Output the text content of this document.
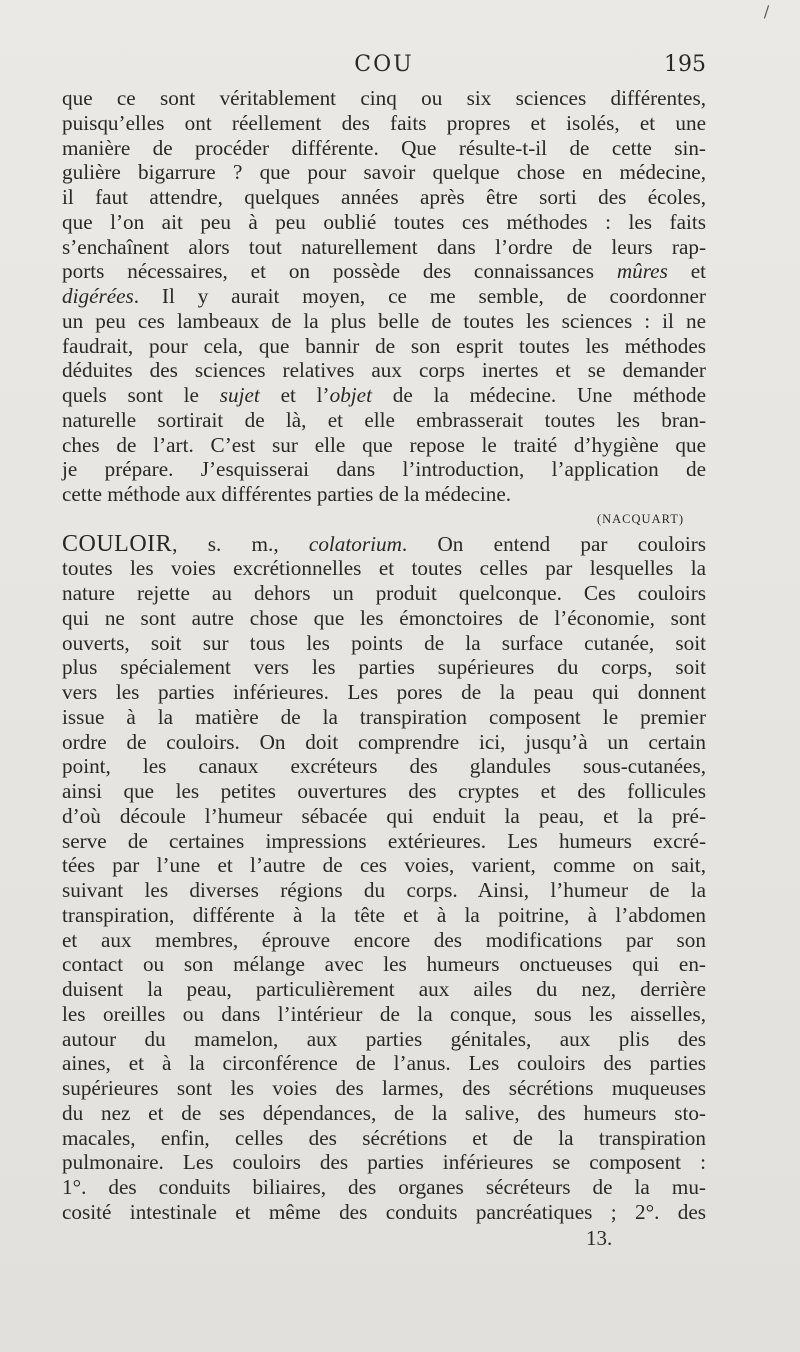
\
COU	195
que ce sont véritablement cinq ou six sciences différentes,
puisqu’elles ont réellement des faits propres et isolés, et une
manière de procéder différente. Que résulte-t-il de cette sin-
gulière bigarrure ? que pour savoir quelque chose en médecine,
il faut attendre, quelques années après être sorti des écoles,
que l’on ait peu à peu oublié toutes ces méthodes : les faits
s’enchaînent alors tout naturellement dans l’ordre de leurs rap-
ports nécessaires, et on possède des connaissances mûres et
digérées. Il y aurait moyen, ce me semble, de coordonner
un peu ces lambeaux de la plus belle de toutes les sciences : il ne
faudrait, pour cela, que bannir de son esprit toutes les méthodes
déduites des sciences relatives aux corps inertes et se demander
quels sont le sujet et l’objet de la médecine. Une méthode
naturelle sortirait de là, et elle embrasserait toutes les bran-
ches de l’art. C’est sur elle que repose le traité d’hygiène que
je prépare. J’esquisserai dans l’introduction, l’application de
cette méthode aux différentes parties de la médecine.
(NACQUART)
COULOIR, s. m., colatorium. On entend par couloirs
toutes les voies excrétionnelles et toutes celles par lesquelles la
nature rejette au dehors un produit quelconque. Ces couloirs
qui ne sont autre chose que les émonctoires de l’économie, sont
ouverts, soit sur tous les points de la surface cutanée, soit
plus spécialement vers les parties supérieures du corps, soit
vers les parties inférieures. Les pores de la peau qui donnent
issue à la matière de la transpiration composent le premier
ordre de couloirs. On doit comprendre ici, jusqu’à un certain
point, les canaux excréteurs des glandules sous-cutanées,
ainsi que les petites ouvertures des cryptes et des follicules
d’où découle l’humeur sébacée qui enduit la peau, et la pré-
serve de certaines impressions extérieures. Les humeurs excré-
tées par l’une et l’autre de ces voies, varient, comme on sait,
suivant les diverses régions du corps. Ainsi, l’humeur de la
transpiration, différente à la tête et à la poitrine, à l’abdomen
et aux membres, éprouve encore des modifications par son
contact ou son mélange avec les humeurs onctueuses qui en-
duisent la peau, particulièrement aux ailes du nez, derrière
les oreilles ou dans l’intérieur de la conque, sous les aisselles,
autour du mamelon, aux parties génitales, aux plis des
aines, et à la circonférence de l’anus. Les couloirs des parties
supérieures sont les voies des larmes, des sécrétions muqueuses
du nez et de ses dépendances, de la salive, des humeurs sto-
macales, enfin, celles des sécrétions et de la transpiration
pulmonaire. Les couloirs des parties inférieures se composent :
1°. des conduits biliaires, des organes sécréteurs de la mu-
cosité intestinale et même des conduits pancréatiques ; 2°. des
13.
